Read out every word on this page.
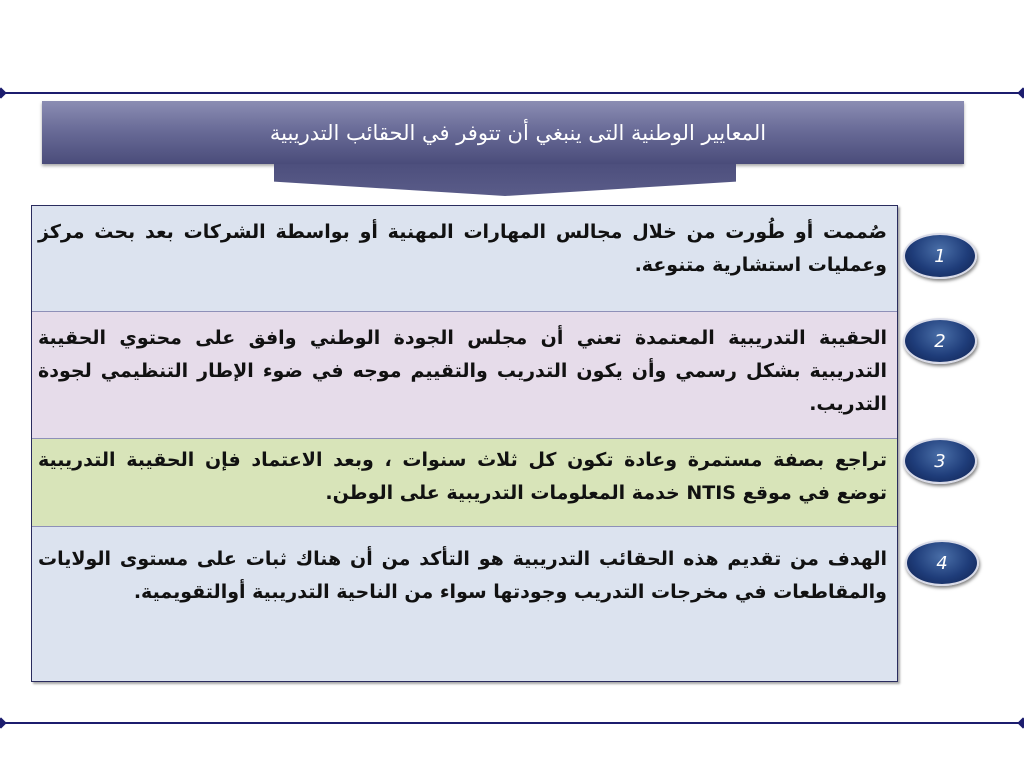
المعايير الوطنية التى ينبغي أن تتوفر في الحقائب التدريبية
صُممت أو طُورت من خلال مجالس المهارات المهنية أو بواسطة الشركات بعد بحث مركز وعمليات استشارية متنوعة.
الحقيبة التدريبية المعتمدة تعني أن مجلس الجودة الوطني وافق على محتوي الحقيبة التدريبية بشكل رسمي وأن يكون التدريب والتقييم موجه في ضوء الإطار التنظيمي لجودة التدريب.
تراجع بصفة مستمرة وعادة تكون كل ثلاث سنوات ، وبعد الاعتماد فإن الحقيبة التدريبية توضع في موقع NTIS خدمة المعلومات التدريبية على الوطن.
الهدف من تقديم هذه الحقائب التدريبية هو التأكد من أن هناك ثبات على مستوى الولايات والمقاطعات في مخرجات التدريب وجودتها سواء من الناحية التدريبية أوالتقويمية.
1
2
3
4
